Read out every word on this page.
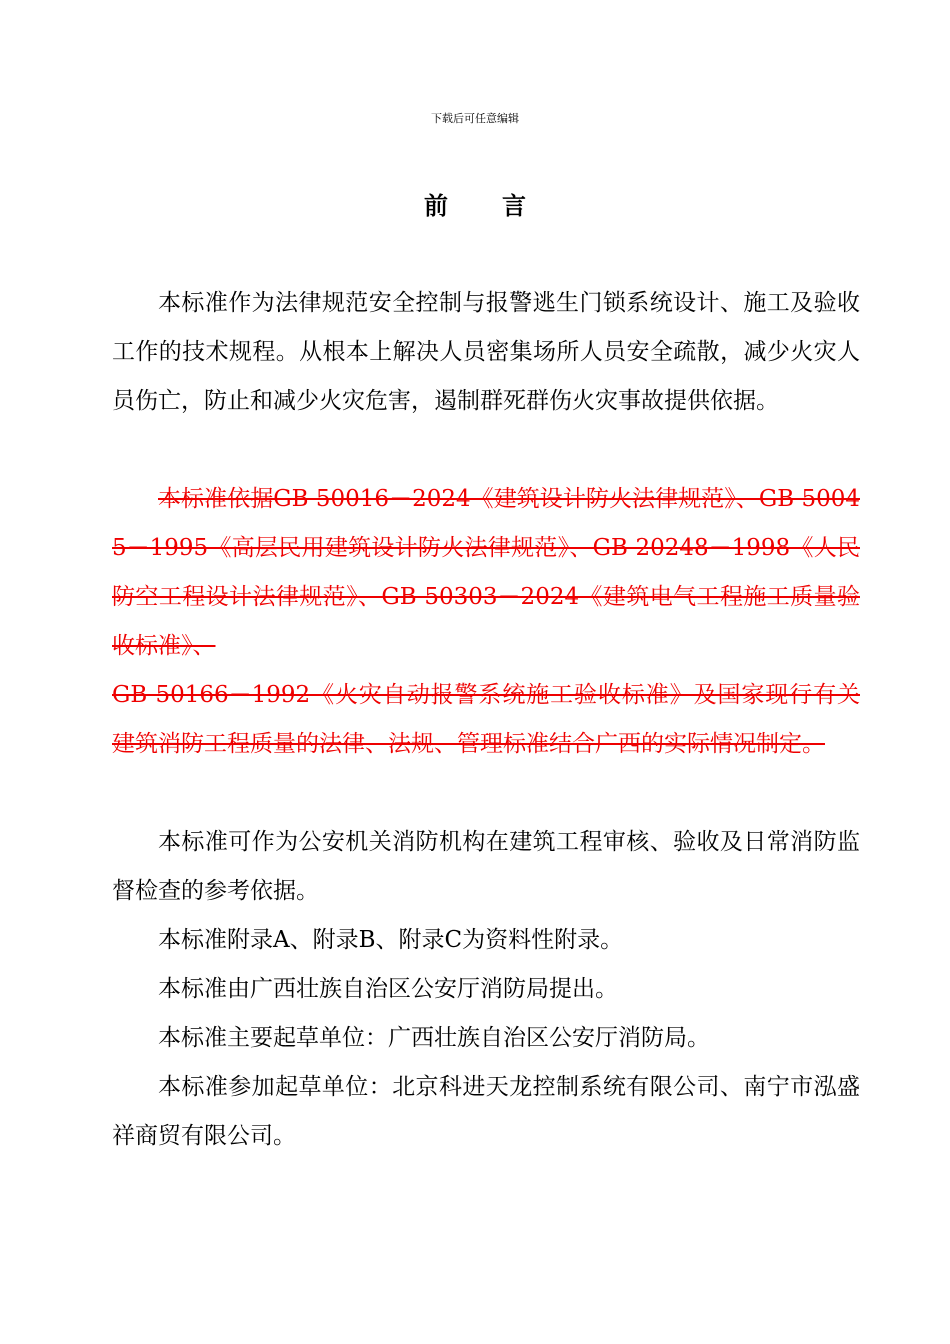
下载后可任意编辑
前 言

本标准作为法律规范安全控制与报警逃生门锁系统设计、施工及验收工作的技术规程。从根本上解决人员密集场所人员安全疏散，减少火灾人员伤亡，防止和减少火灾危害，遏制群死群伤火灾事故提供依据。

本标准依据GB 50016－2024《建筑设计防火法律规范》、GB 50045－1995《高层民用建筑设计防火法律规范》、GB 20248－1998《人民防空工程设计法律规范》、GB 50303－2024《建筑电气工程施工质量验收标准》、

GB 50166－1992《火灾自动报警系统施工验收标准》及国家现行有关建筑消防工程质量的法律、法规、管理标准结合广西的实际情况制定。

本标准可作为公安机关消防机构在建筑工程审核、验收及日常消防监督检查的参考依据。

本标准附录A、附录B、附录C为资料性附录。

本标准由广西壮族自治区公安厅消防局提出。

本标准主要起草单位：广西壮族自治区公安厅消防局。

本标准参加起草单位：北京科进天龙控制系统有限公司、南宁市泓盛祥商贸有限公司。
